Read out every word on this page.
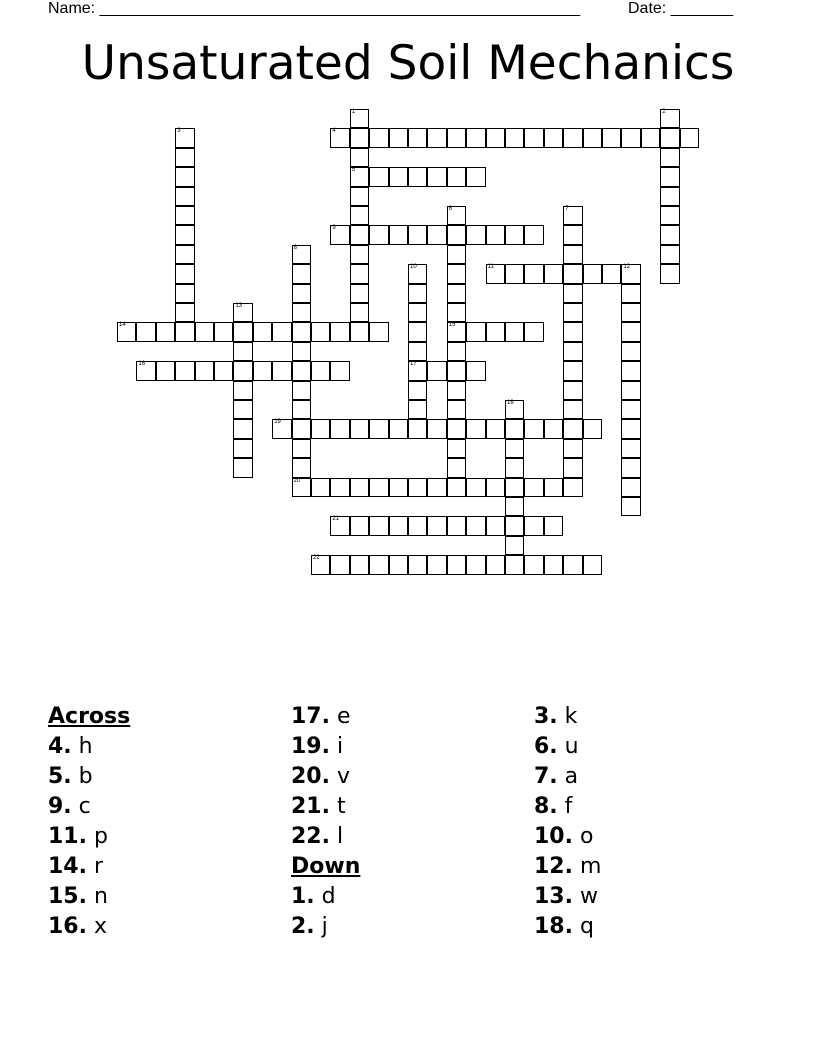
Name: ______________________________________________________	Date: _______
Unsaturated Soil Mechanics
4
5
9
11	12
14	15
16	17
19
20
21
22
1	2
3
6	7
8
10
13
18
Across
4. h
5. b
9. c
11. p
14. r
15. n
16. x
17. e
19. i
20. v
21. t
22. l
Down
1. d
2. j
3. k
6. u
7. a
8. f
10. o
12. m
13. w
18. q
